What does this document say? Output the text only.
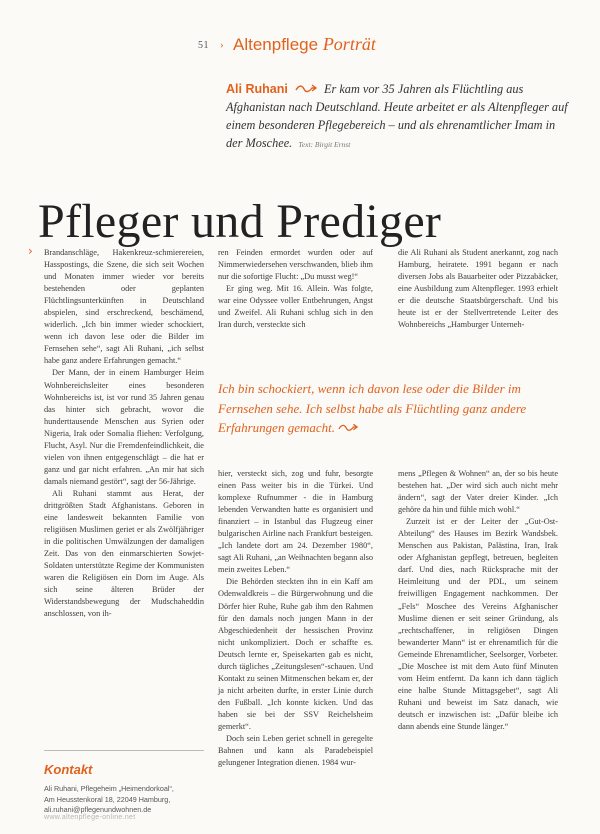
51 › Altenpflege Porträt
Ali Ruhani	Er kam vor 35 Jahren als Flüchtling aus Afghanistan nach Deutschland. Heute arbeitet er als Altenpfleger auf einem besonderen Pflegebereich – und als ehrenamtlicher Imam in der Moschee. Text: Birgit Ernst
Pfleger und Prediger
› Brandanschläge, Hakenkreuz-schmierereien, Hasspostings, die Szene, die sich seit Wochen und Monaten immer wieder vor bereits bestehenden oder geplanten Flüchtlingsunterkünften in Deutschland abspielen, sind erschreckend, beschämend, widerlich. „Ich bin immer wieder schockiert, wenn ich davon lese oder die Bilder im Fernsehen sehe“, sagt Ali Ruhani, „ich selbst habe ganz andere Erfahrungen gemacht.“

Der Mann, der in einem Hamburger Heim Wohnbereichsleiter eines besonderen Wohnbereichs ist, ist vor rund 35 Jahren genau das hinter sich gebracht, wovor die hunderttausende Menschen aus Syrien oder Nigeria, Irak oder Somalia fliehen: Verfolgung, Flucht, Asyl. Nur die Fremdenfeindlichkeit, die vielen von ihnen entgegenschlägt – die hat er ganz und gar nicht erfahren. „An mir hat sich damals niemand gestört“, sagt der 56-Jährige.

Ali Ruhani stammt aus Herat, der drittgrößten Stadt Afghanistans. Geboren in eine landesweit bekannten Familie von religiösen Muslimen geriet er als Zwölfjähriger in die politischen Umwälzungen der damaligen Zeit. Das von den einmarschierten Sowjet-Soldaten unterstützte Regime der Kommunisten waren die Religiösen ein Dorn im Auge. Als sich seine älteren Brüder der Widerstandsbewegung der Mudschaheddin anschlossen, von ih-

ren Feinden ermordet wurden oder auf Nimmerwiedersehen verschwanden, blieb ihm nur die sofortige Flucht: „Du musst weg!“

Er ging weg. Mit 16. Allein. Was folgte, war eine Odyssee voller Entbehrungen, Angst und Zweifel. Ali Ruhani schlug sich in den Iran durch, versteckte sich

die Ali Ruhani als Student anerkannt, zog nach Hamburg, heiratete. 1991 begann er nach diversen Jobs als Bauarbeiter oder Pizzabäcker, eine Ausbildung zum Altenpfleger. 1993 erhielt er die deutsche Staatsbürgerschaft. Und bis heute ist er der Stellvertretende Leiter des Wohnbereichs „Hamburger Unterneh-

Ich bin schockiert, wenn ich davon lese oder die Bilder im Fernsehen sehe. Ich selbst habe als Flüchtling ganz andere Erfahrungen gemacht.

hier, versteckt sich, zog und fuhr, besorgte einen Pass weiter bis in die Türkei. Und komplexe Rufnummer - die in Hamburg lebenden Verwandten hatte es organisiert und finanziert – in Istanbul das Flugzeug einer bulgarischen Airline nach Frankfurt besteigen. „Ich landete dort am 24. Dezember 1980“, sagt Ali Ruhani, „an Weihnachten begann also mein zweites Leben.“

Die Behörden steckten ihn in ein Kaff am Odenwaldkreis – die Bürgerwohnung und die Dörfer hier Ruhe, Ruhe gab ihm den Rahmen für den damals noch jungen Mann in der Abgeschiedenheit der hessischen Provinz nicht unkompliziert. Doch er schaffte es. Deutsch lernte er, Speisekarten gab es nicht, durch tägliches „Zeitungslesen“-schauen. Und Kontakt zu seinen Mitmenschen bekam er, der ja nicht arbeiten durfte, in erster Linie durch den Fußball. „Ich konnte kicken. Und das haben sie bei der SSV Reichelsheim gemerkt“.

Doch sein Leben geriet schnell in geregelte Bahnen und kann als Paradebeispiel gelungener Integration dienen. 1984 wur-

mens „Pflegen & Wohnen“ an, der so bis heute bestehen hat. „Der wird sich auch nicht mehr ändern“, sagt der Vater dreier Kinder. „Ich gehöre da hin und fühle mich wohl.“

Zurzeit ist er der Leiter der „Gut-Ost-Abteilung“ des Hauses im Bezirk Wandsbek. Menschen aus Pakistan, Palästina, Iran, Irak oder Afghanistan gepflegt, betreuen, begleiten darf. Und dies, nach Rücksprache mit der Heimleitung und der PDL, um seinem freiwilligen Engagement nachkommen. Der „Fels“ Moschee des Vereins Afghanischer Muslime dienen er seit seiner Gründung, als „rechtschaffener, in religiösen Dingen bewanderter Mann“ ist er ehrenamtlich für die Gemeinde Ehrenamtlicher, Seelsorger, Vorbeter. „Die Moschee ist mit dem Auto fünf Minuten vom Heim entfernt. Da kann ich dann täglich eine halbe Stunde Mittagsgebet“, sagt Ali Ruhani und beweist im Satz danach, wie deutsch er inzwischen ist: „Dafür bleibe ich dann abends eine Stunde länger.“

Kontakt
Ali Ruhani, Pflegeheim „Heimendorkoal“,
Am Heusstenkoral 18, 22049 Hamburg,
ali.ruhani@pflegenundwohnen.de
www.altenpflege-online.net
